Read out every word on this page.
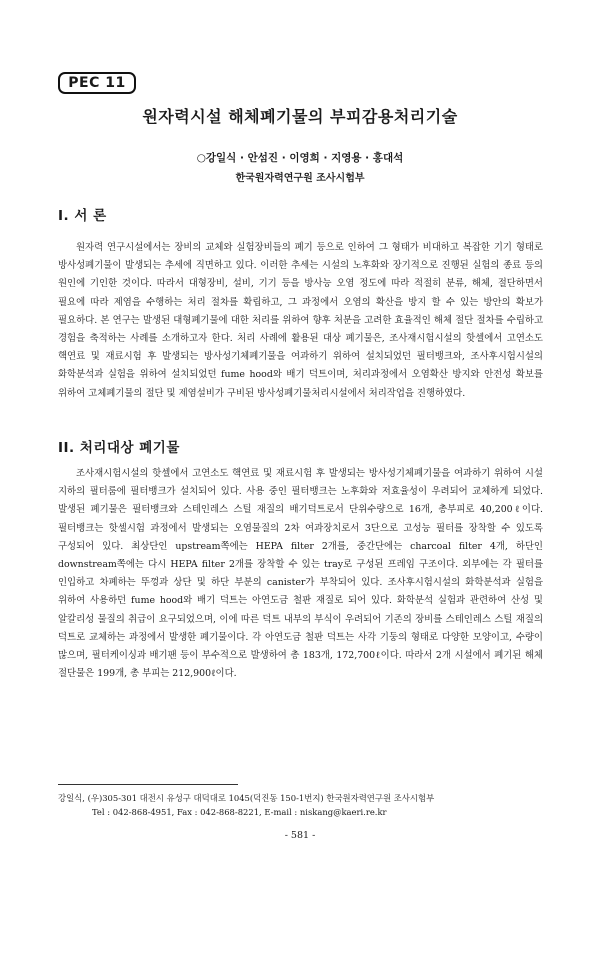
PEC 11
원자력시설 해체폐기물의 부피감용처리기술
○강일식 · 안섬진 · 이영희 · 지영용 · 홍대석
한국원자력연구원 조사시험부
I. 서 론
원자력 연구시설에서는 장비의 교체와 실험장비들의 폐기 등으로 인하여 그 형태가 비대하고 복잡한 기기 형태로 방사성폐기물이 발생되는 추세에 직면하고 있다. 이러한 추세는 시설의 노후화와 장기적으로 진행된 실험의 종료 등의 원인에 기인한 것이다. 따라서 대형장비, 설비, 기기 등을 방사능 오염 정도에 따라 적절히 분류, 해체, 절단하면서 필요에 따라 제염을 수행하는 처리 절차를 확립하고, 그 과정에서 오염의 확산을 방지 할 수 있는 방안의 확보가 필요하다. 본 연구는 발생된 대형폐기물에 대한 처리를 위하여 향후 처분을 고려한 효율적인 해체 절단 절차를 수립하고 경험을 축적하는 사례를 소개하고자 한다. 처리 사례에 활용된 대상 폐기물은, 조사재시험시설의 핫셀에서 고연소도 핵연료 및 재료시험 후 발생되는 방사성기체폐기물을 여과하기 위하여 설치되었던 필터뱅크와, 조사후시험시설의 화학분석과 실험을 위하여 설치되었던 fume hood와 배기 덕트이며, 처리과정에서 오염확산 방지와 안전성 확보를 위하여 고체폐기물의 절단 및 제염설비가 구비된 방사성폐기물처리시설에서 처리작업을 진행하였다.
II. 처리대상 폐기물
조사재시험시설의 핫셀에서 고연소도 핵연료 및 재료시험 후 발생되는 방사성기체폐기물을 여과하기 위하여 시설 지하의 필터룸에 필터뱅크가 설치되어 있다. 사용 중인 필터뱅크는 노후화와 저효율성이 우려되어 교체하게 되었다. 발생된 폐기물은 필터뱅크와 스테인레스 스틸 재질의 배기덕트로서 단위수량으로 16개, 총부피로 40,200ℓ이다. 필터뱅크는 핫셀시험 과정에서 발생되는 오염물질의 2차 여과장치로서 3단으로 고성능 필터를 장착할 수 있도록 구성되어 있다. 최상단인 upstream쪽에는 HEPA filter 2개를, 중간단에는 charcoal filter 4개, 하단인 downstream쪽에는 다시 HEPA filter 2개를 장착할 수 있는 tray로 구성된 프레임 구조이다. 외부에는 각 필터를 인입하고 차폐하는 뚜껑과 상단 및 하단 부분의 canister가 부착되어 있다. 조사후시험시설의 화학분석과 실험을 위하여 사용하던 fume hood와 배기 덕트는 아연도금 철판 재질로 되어 있다. 화학분석 실험과 관련하여 산성 및 알칼리성 물질의 취급이 요구되었으며, 이에 따른 덕트 내부의 부식이 우려되어 기존의 장비를 스테인레스 스틸 재질의 덕트로 교체하는 과정에서 발생한 폐기물이다. 각 아연도금 철판 덕트는 사각 기둥의 형태로 다양한 모양이고, 수량이 많으며, 필터케이싱과 배기팬 등이 부수적으로 발생하여 총 183개, 172,700ℓ이다. 따라서 2개 시설에서 폐기된 해체 절단물은 199개, 총 부피는 212,900ℓ이다.
강일식, (우)305-301 대전시 유성구 대덕대로 1045(덕진동 150-1번지) 한국원자력연구원 조사시험부
Tel : 042-868-4951, Fax : 042-868-8221, E-mail : niskang@kaeri.re.kr
- 581 -
